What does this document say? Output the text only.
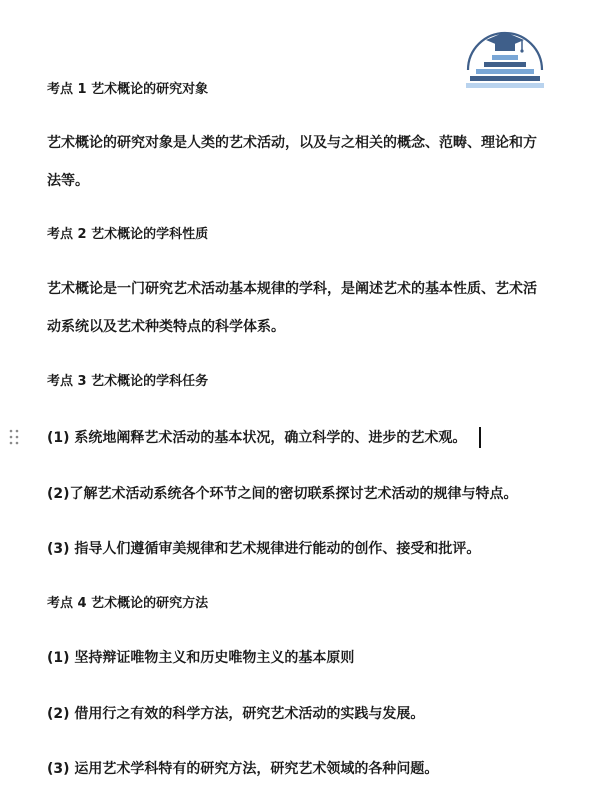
考点 1 艺术概论的研究对象
艺术概论的研究对象是人类的艺术活动，以及与之相关的概念、范畴、理论和方
法等。
考点 2 艺术概论的学科性质
艺术概论是一门研究艺术活动基本规律的学科，是阐述艺术的基本性质、艺术活
动系统以及艺术种类特点的科学体系。
考点 3 艺术概论的学科任务
(1) 系统地阐释艺术活动的基本状况，确立科学的、进步的艺术观。
(2)了解艺术活动系统各个环节之间的密切联系探讨艺术活动的规律与特点。
(3) 指导人们遵循审美规律和艺术规律进行能动的创作、接受和批评。
考点 4 艺术概论的研究方法
(1) 坚持辩证唯物主义和历史唯物主义的基本原则
(2) 借用行之有效的科学方法，研究艺术活动的实践与发展。
(3) 运用艺术学科特有的研究方法，研究艺术领域的各种问题。
